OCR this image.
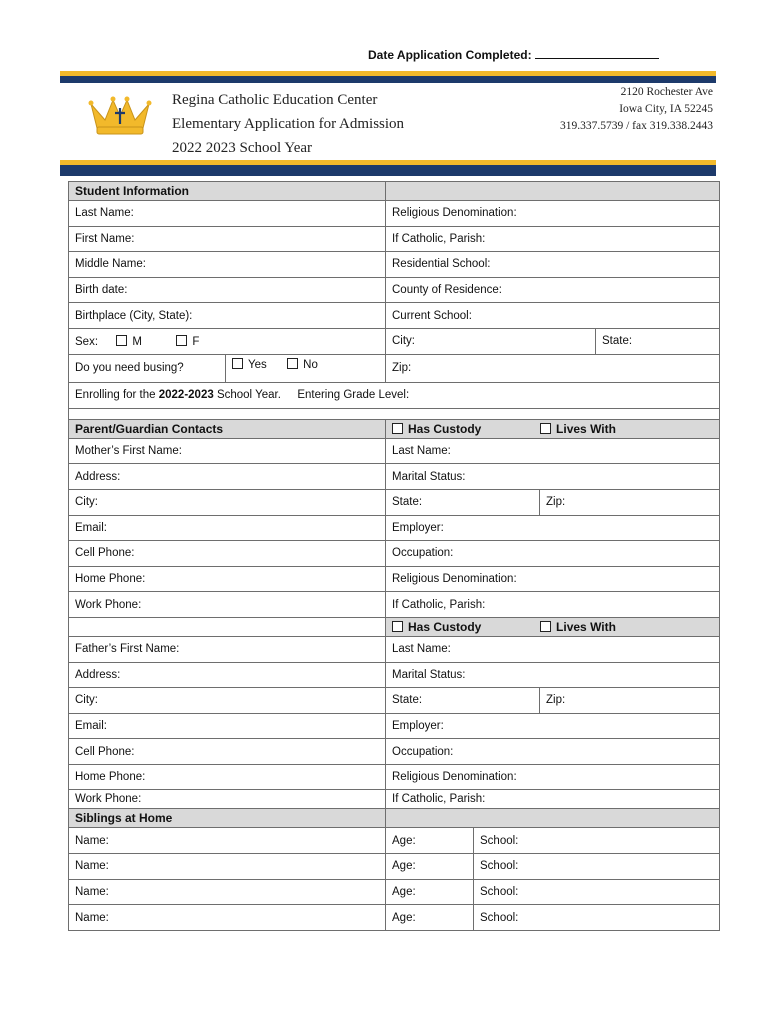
Date Application Completed:
Regina Catholic Education Center
Elementary Application for Admission
2022 2023 School Year
2120 Rochester Ave
Iowa City, IA 52245
319.337.5739 / fax 319.338.2443
Student Information					
Last Name:		Religious Denomination:			
First Name:		If Catholic, Parish:			
Middle Name:		Residential School:			
Birth date:		County of Residence:			
Birthplace (City, State):		Current School:			
Sex: M F		City:			State:
Do you need busing?	Yes No	Zip:			
Enrolling for the 2022-2023 School Year. Entering Grade Level:					

Parent/Guardian Contacts		Has Custody Lives With			
Mother’s First Name:		Last Name:			
Address:		Marital Status:			
City:		State:		Zip:	
Email:		Employer:			
Cell Phone:		Occupation:			
Home Phone:		Religious Denomination:			
Work Phone:		If Catholic, Parish:			
		Has Custody Lives With			
Father’s First Name:		Last Name:			
Address:		Marital Status:			
City:		State:		Zip:	
Email:		Employer:			
Cell Phone:		Occupation:			
Home Phone:		Religious Denomination:			
Work Phone:		If Catholic, Parish:			
Siblings at Home					
Name:		Age:	School:		
Name:		Age:	School:		
Name:		Age:	School:		
Name:		Age:	School:		
